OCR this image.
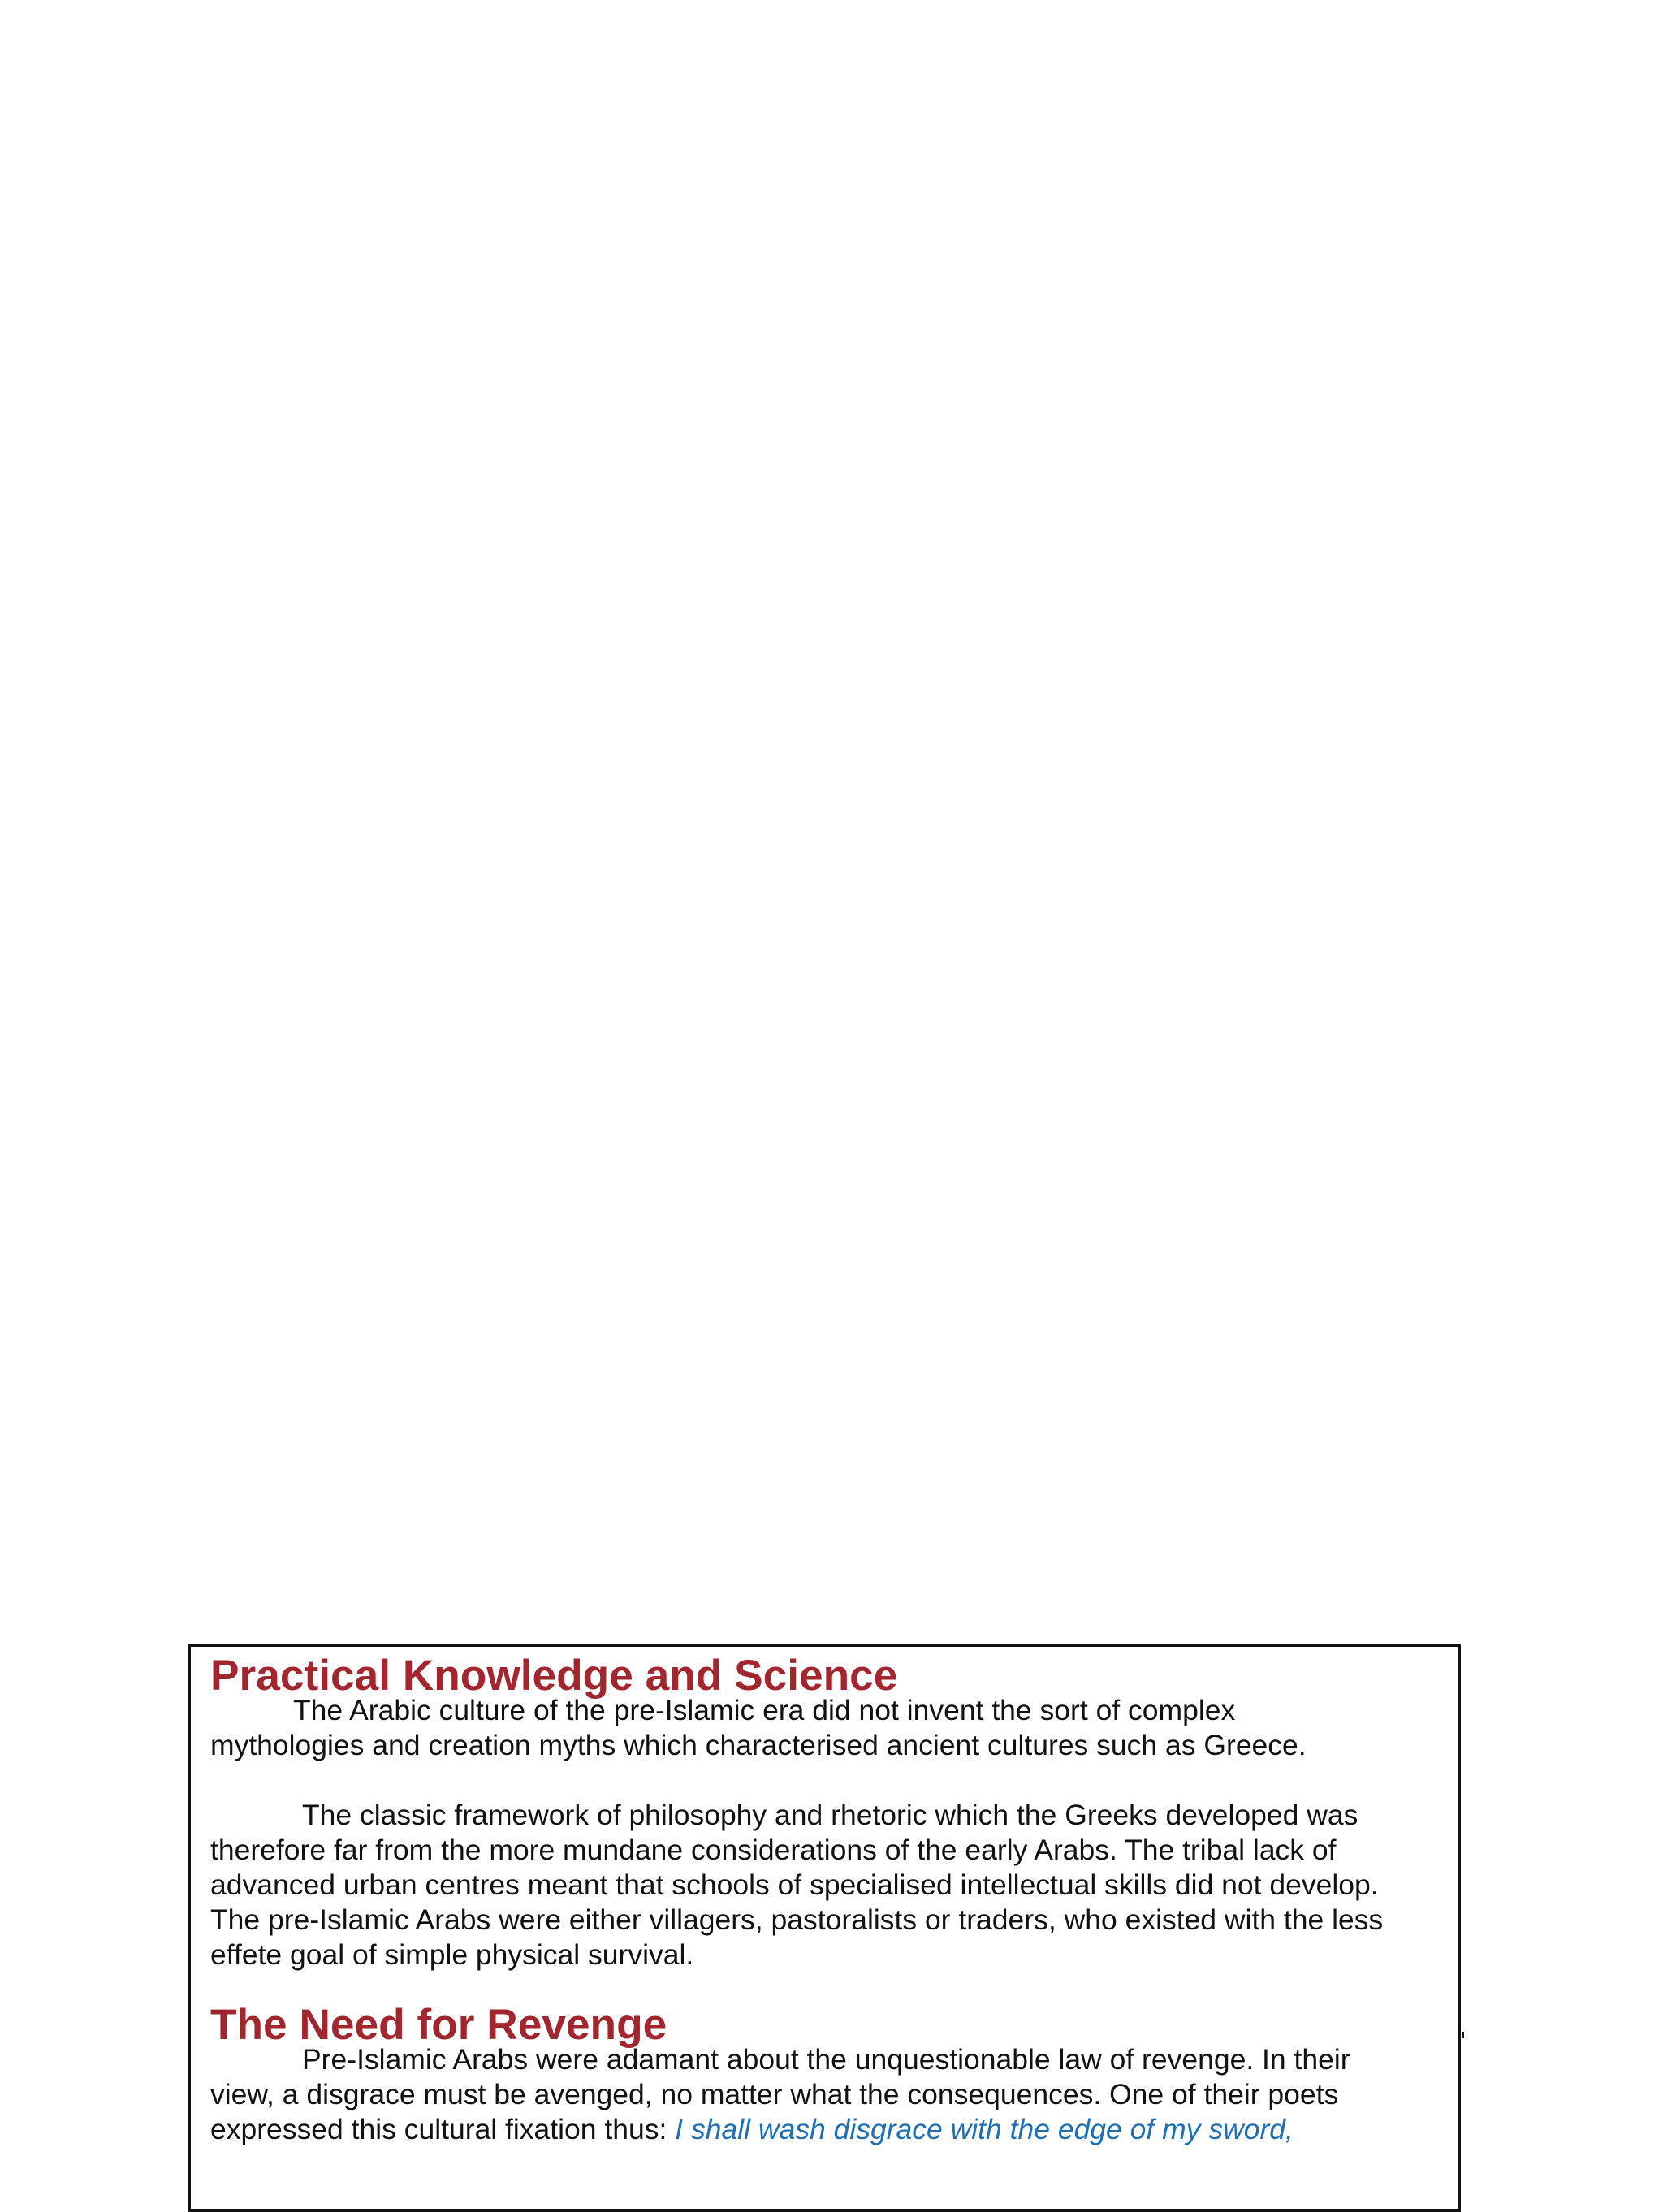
Practical Knowledge and Science

The Arabic culture of the pre-Islamic era did not invent the sort of complex
mythologies and creation myths which characterised ancient cultures such as Greece.

The classic framework of philosophy and rhetoric which the Greeks developed was
therefore far from the more mundane considerations of the early Arabs. The tribal lack of
advanced urban centres meant that schools of specialised intellectual skills did not develop.
The pre-Islamic Arabs were either villagers, pastoralists or traders, who existed with the less
effete goal of simple physical survival.

The Need for Revenge

Pre-Islamic Arabs were adamant about the unquestionable law of revenge. In their
view, a disgrace must be avenged, no matter what the consequences. One of their poets
expressed this cultural fixation thus: I shall wash disgrace with the edge of my sword,
